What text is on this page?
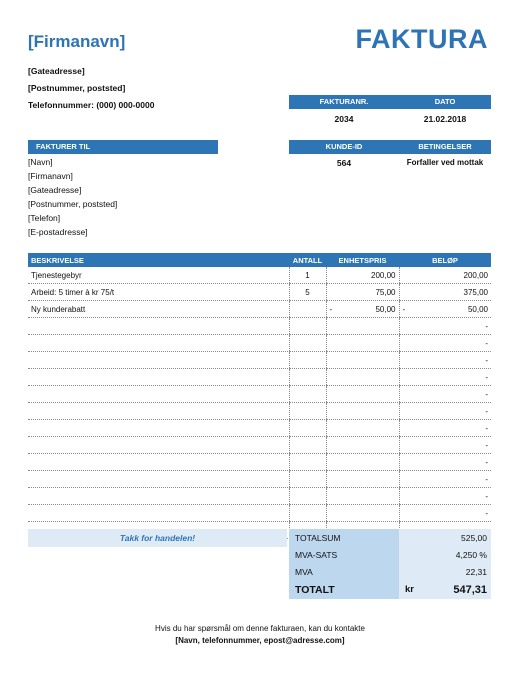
[Firmanavn]	FAKTURA
[Gateadresse]
[Postnummer, poststed]
Telefonnummer: (000) 000-0000	FAKTURANR.	DATO
2034	21.02.2018
KUNDE-ID	BETINGELSER
564	Forfaller ved mottak
FAKTURER TIL
[Navn]
[Firmanavn]
[Gateadresse]
[Postnummer, poststed]
[Telefon]
[E-postadresse]
BESKRIVELSE	ANTALL	ENHETSPRIS	BELØP
Tjenestegebyr	1	200,00	200,00

Arbeid: 5 timer à kr 75/t	5	75,00	375,00

Ny kunderabatt		- 50,00	- 50,00

			-

			-

			-

			-

			-

			-

			-

			-

			-

			-

			-

			-

Takk for handelen!	TOTALSUM	525,00
MVA-SATS	4,250 %
MVA	22,31
TOTALT	kr	547,31
Hvis du har spørsmål om denne fakturaen, kan du kontakte
[Navn, telefonnummer, epost@adresse.com]
